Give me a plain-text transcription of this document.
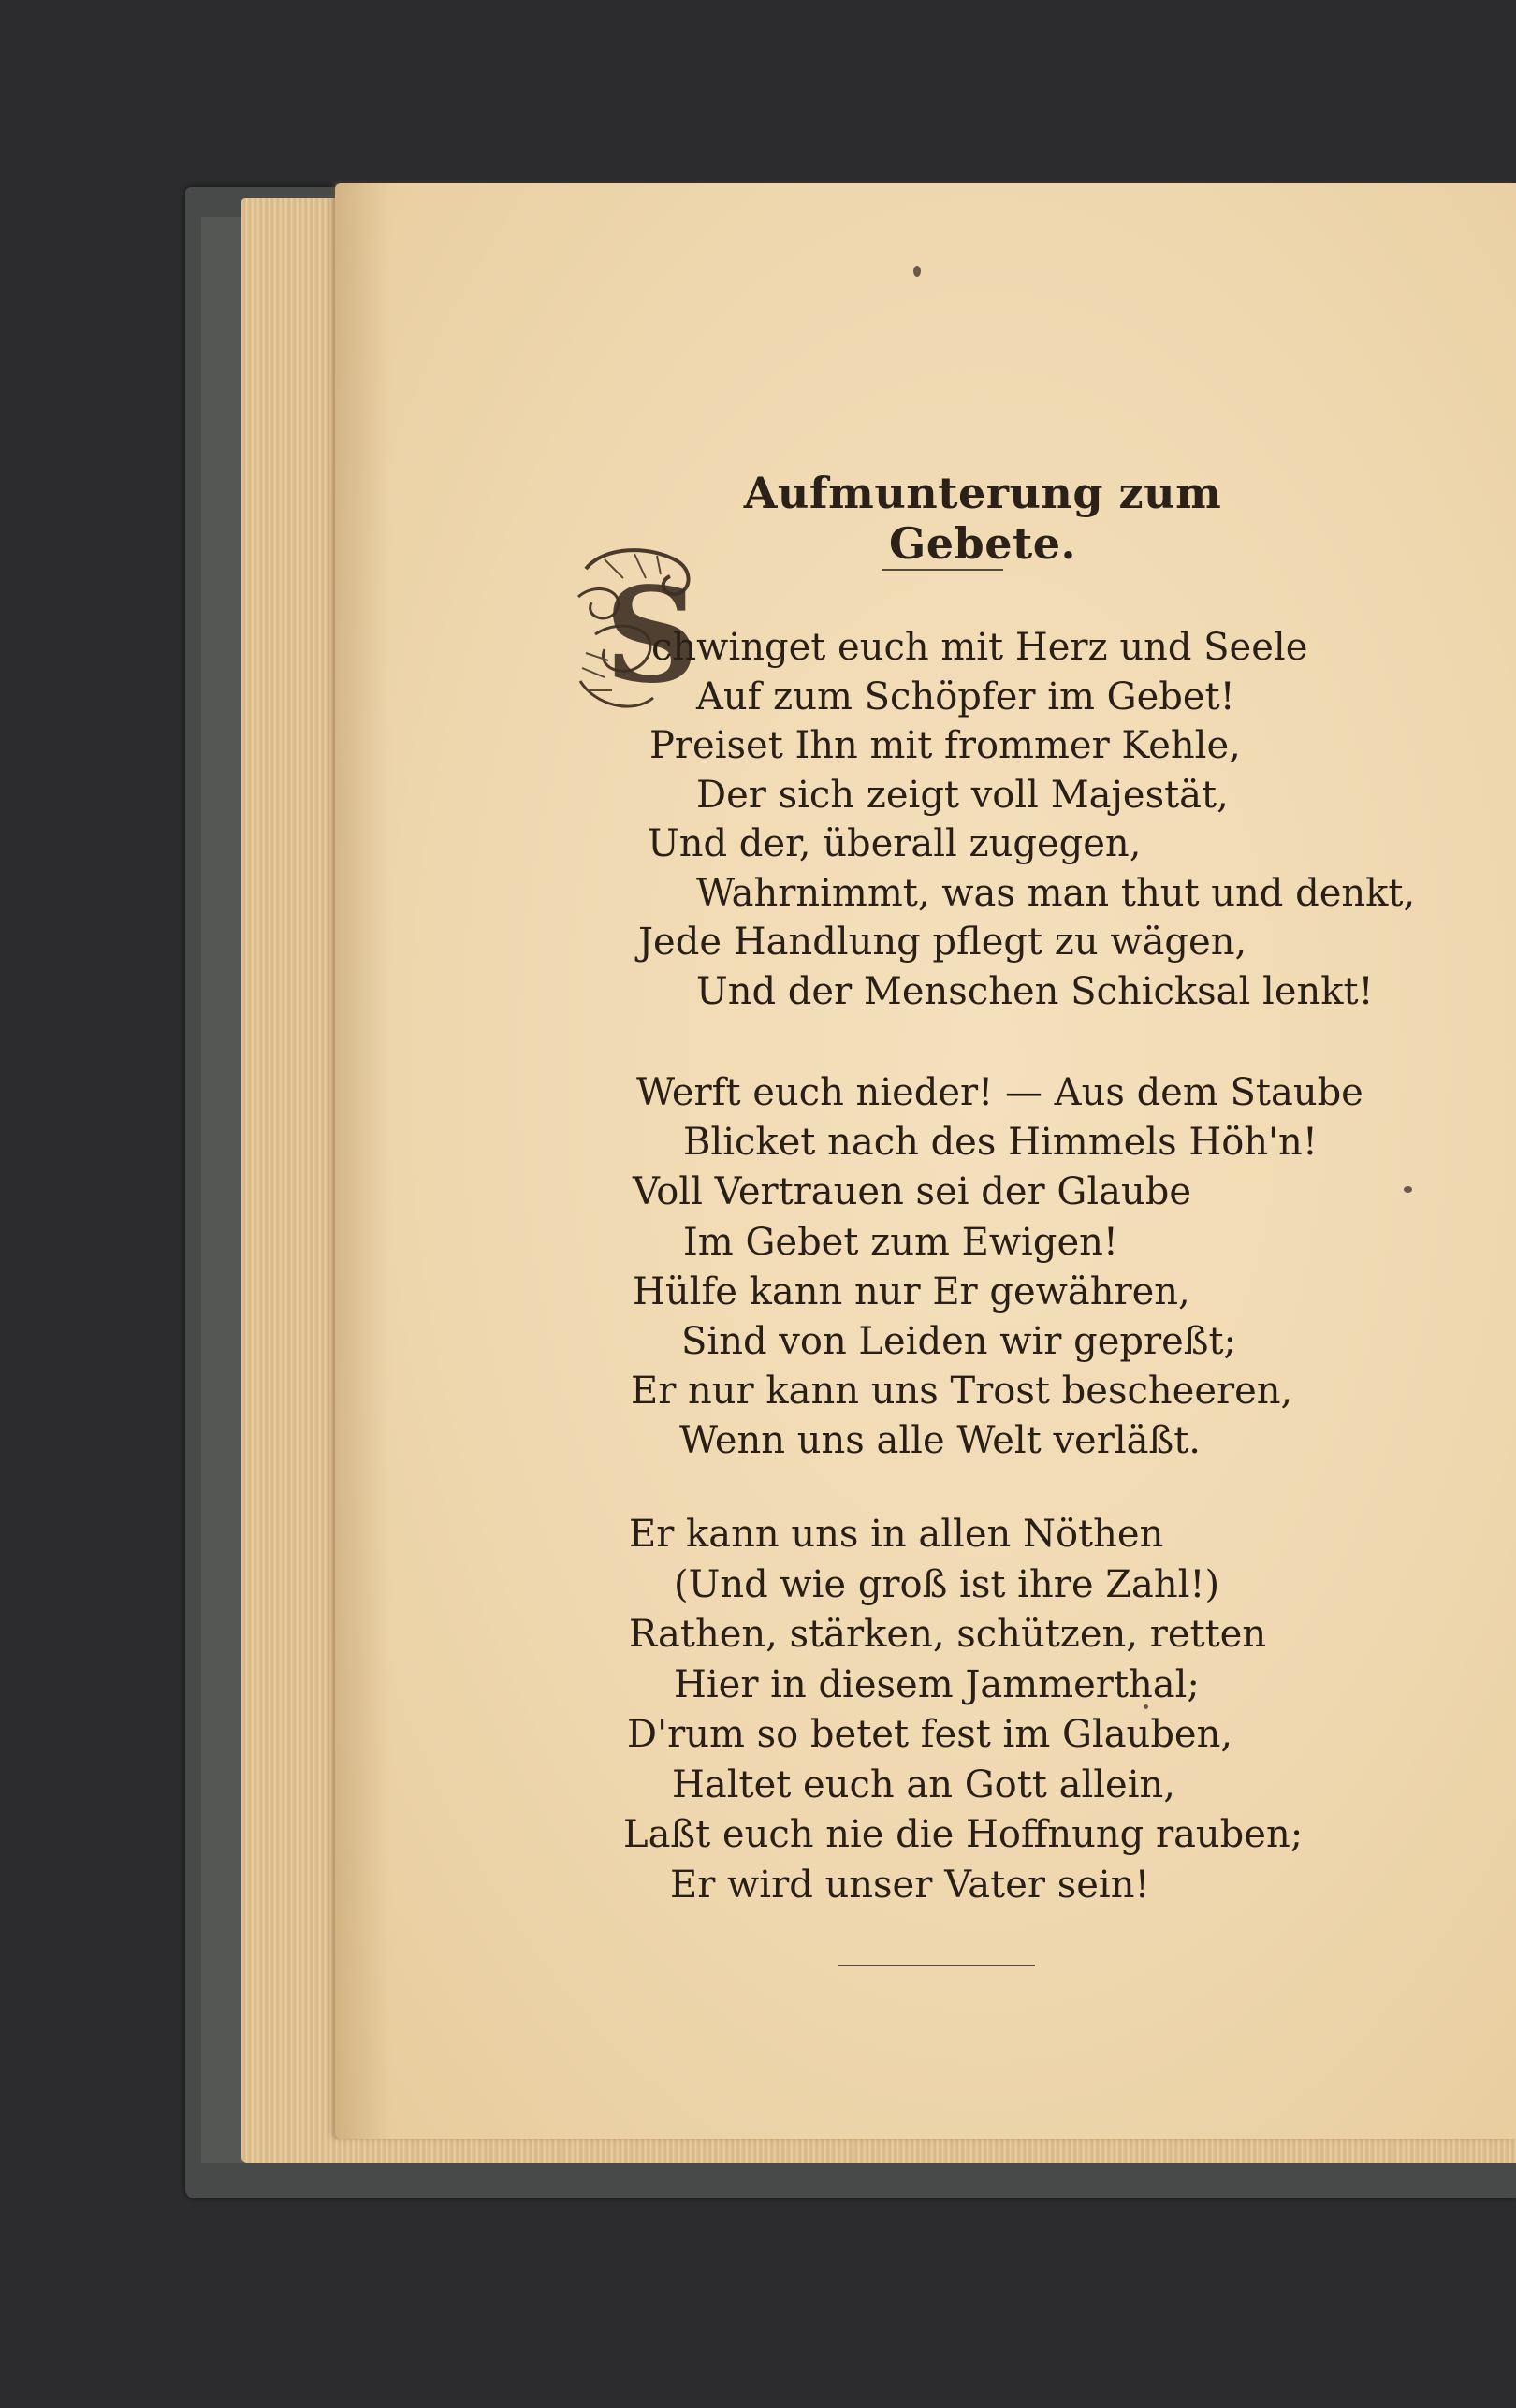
Aufmunterung zum Gebete.
S
chwinget euch mit Herz und Seele
Auf zum Schöpfer im Gebet!
Preiset Ihn mit frommer Kehle,
Der sich zeigt voll Majestät,
Und der, überall zugegen,
Wahrnimmt, was man thut und denkt,
Jede Handlung pflegt zu wägen,
Und der Menschen Schicksal lenkt!
Werft euch nieder! — Aus dem Staube
Blicket nach des Himmels Höh'n!
Voll Vertrauen sei der Glaube
Im Gebet zum Ewigen!
Hülfe kann nur Er gewähren,
Sind von Leiden wir gepreßt;
Er nur kann uns Trost bescheeren,
Wenn uns alle Welt verläßt.
Er kann uns in allen Nöthen
(Und wie groß ist ihre Zahl!)
Rathen, stärken, schützen, retten
Hier in diesem Jammerthal;
D'rum so betet fest im Glauben,
Haltet euch an Gott allein,
Laßt euch nie die Hoffnung rauben;
Er wird unser Vater sein!
